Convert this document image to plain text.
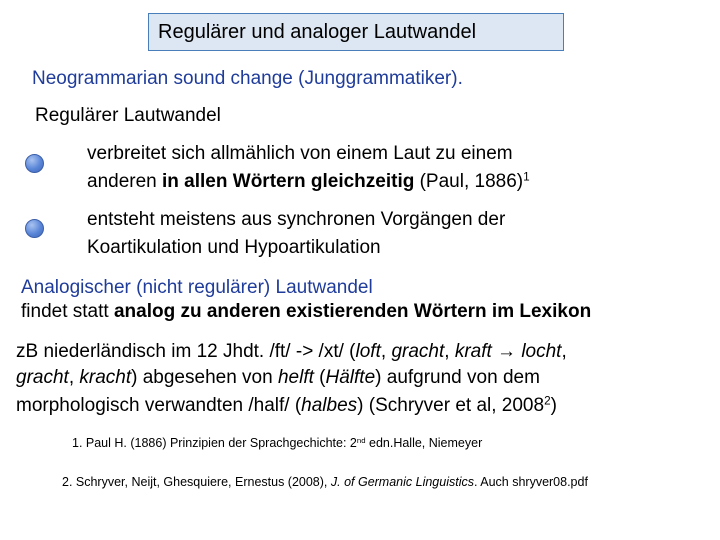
Regulärer und analoger Lautwandel
Neogrammarian sound change (Junggrammatiker).
Regulärer Lautwandel
verbreitet sich allmählich von einem Laut zu einem
anderen in allen Wörtern gleichzeitig (Paul, 1886)$^1$
entsteht meistens aus synchronen Vorgängen der
Koartikulation und Hypoartikulation
Analogischer (nicht regulärer) Lautwandel
findet statt analog zu anderen existierenden Wörtern im Lexikon
zB niederländisch im 12 Jhdt. /ft/ -> /xt/ (loft, gracht, kraft → locht,
gracht, kracht) abgesehen von helft (Hälfte) aufgrund von dem
morphologisch verwandten /half/ (halbes) (Schryver et al, 2008$^2$)
1. Paul H. (1886) Prinzipien der Sprachgechichte: 2nd edn.Halle, Niemeyer
2. Schryver, Neijt, Ghesquiere, Ernestus (2008), J. of Germanic Linguistics. Auch shryver08.pdf
